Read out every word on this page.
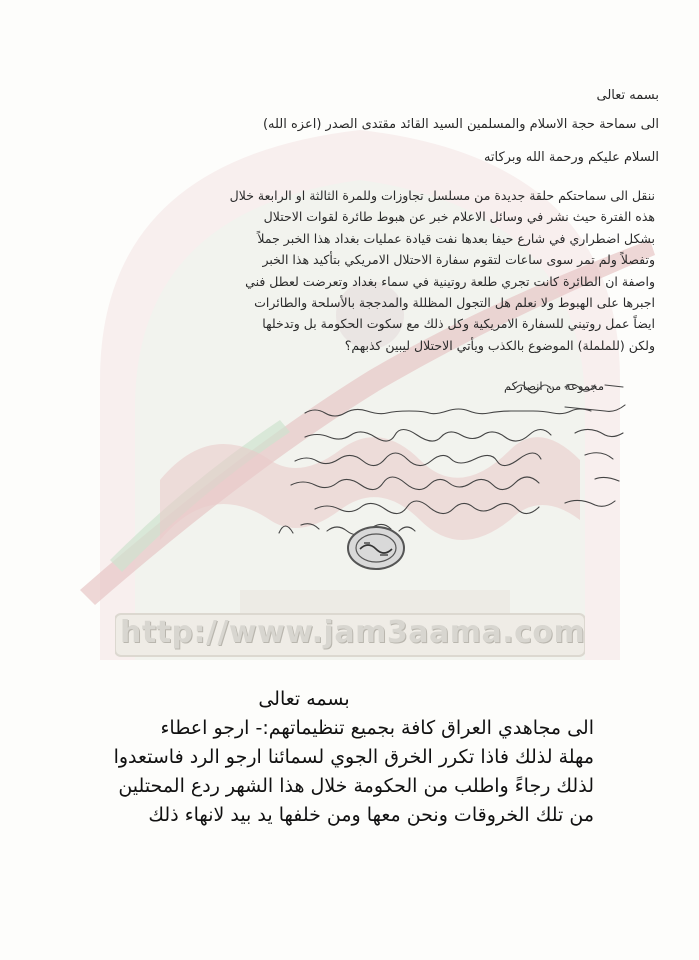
بسمه تعالى
الى سماحة حجة الاسلام والمسلمين السيد القائد مقتدى الصدر (اعزه الله)
السلام عليكم ورحمة الله وبركاته
ننقل الى سماحتكم حلقة جديدة من مسلسل تجاوزات وللمرة الثالثة او الرابعة خلال
هذه الفترة حيث نشر في وسائل الاعلام خبر عن هبوط طائرة لقوات الاحتلال
بشكل اضطراري في شارع حيفا بعدها نفت قيادة عمليات بغداد هذا الخبر جملاً
وتفصلاً ولم تمر سوى ساعات لتقوم سفارة الاحتلال الامريكي بتأكيد هذا الخبر
واصفة ان الطائرة كانت تجري طلعة روتينية في سماء بغداد وتعرضت لعطل فني
اجبرها على الهبوط ولا نعلم هل التجول المظللة والمدججة بالأسلحة والطائرات
ايضاً عمل روتيني للسفارة الامريكية وكل ذلك مع سكوت الحكومة بل وتدخلها
ولكن (للململة) الموضوع بالكذب ويأتي الاحتلال ليبين كذبهم؟
مجموعة من انصاركم
http://www.jam3aama.com
بسمه تعالى
الى مجاهدي العراق كافة بجميع تنظيماتهم:- ارجو اعطاء
مهلة لذلك فاذا تكرر الخرق الجوي لسمائنا ارجو الرد فاستعدوا
لذلك رجاءً واطلب من الحكومة خلال هذا الشهر ردع المحتلين
من تلك الخروقات ونحن معها ومن خلفها يد بيد لانهاء ذلك
